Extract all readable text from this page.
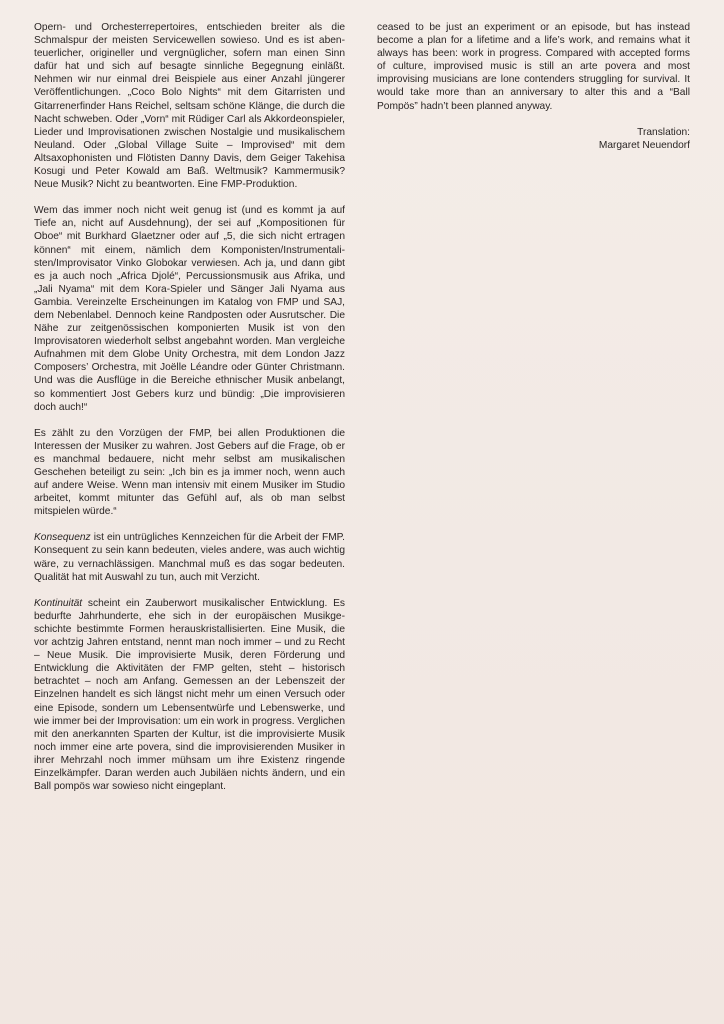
Opern- und Orchesterrepertoires, entschieden breiter als die Schmalspur der meisten Servicewellen sowieso. Und es ist abenteuerlicher, origineller und vergnüglicher, sofern man einen Sinn dafür hat und sich auf besagte sinnliche Begegnung einläßt. Nehmen wir nur einmal drei Beispiele aus einer Anzahl jüngerer Veröffentlichungen. „Coco Bolo Nights“ mit dem Gitarristen und Gitarrenerfinder Hans Reichel, seltsam schöne Klänge, die durch die Nacht schweben. Oder „Vorn“ mit Rüdiger Carl als Akkordeonspieler, Lieder und Improvisationen zwischen Nostalgie und musikalischem Neuland. Oder „Global Village Suite – Improvised“ mit dem Altsaxophonisten und Flötisten Danny Davis, dem Geiger Takehisa Kosugi und Peter Kowald am Baß. Weltmusik? Kammermusik? Neue Musik? Nicht zu beantworten. Eine FMP-Produktion.

Wem das immer noch nicht weit genug ist (und es kommt ja auf Tiefe an, nicht auf Ausdehnung), der sei auf „Kompositionen für Oboe“ mit Burkhard Glaetzner oder auf „5, die sich nicht ertragen können“ mit einem, nämlich dem Komponisten/Instrumentalisten/Improvisator Vinko Globokar verwiesen. Ach ja, und dann gibt es ja auch noch „Africa Djolé“, Percussionsmusik aus Afrika, und „Jali Nyama“ mit dem Kora-Spieler und Sänger Jali Nyama aus Gambia. Vereinzelte Erscheinungen im Katalog von FMP und SAJ, dem Nebenlabel. Dennoch keine Randposten oder Ausrutscher. Die Nähe zur zeitgenössischen komponierten Musik ist von den Improvisatoren wiederholt selbst angebahnt worden. Man vergleiche Aufnahmen mit dem Globe Unity Orchestra, mit dem London Jazz Composers’ Orchestra, mit Joëlle Léandre oder Günter Christmann. Und was die Ausflüge in die Bereiche ethnischer Musik anbelangt, so kommentiert Jost Gebers kurz und bündig: „Die improvisieren doch auch!“

Es zählt zu den Vorzügen der FMP, bei allen Produktionen die Interessen der Musiker zu wahren. Jost Gebers auf die Frage, ob er es manchmal bedauere, nicht mehr selbst am musikalischen Geschehen beteiligt zu sein: „Ich bin es ja immer noch, wenn auch auf andere Weise. Wenn man intensiv mit einem Musiker im Studio arbeitet, kommt mitunter das Gefühl auf, als ob man selbst mitspielen würde.“

Konsequenz ist ein untrügliches Kennzeichen für die Arbeit der FMP. Konsequent zu sein kann bedeuten, vieles andere, was auch wichtig wäre, zu vernachlässigen. Manchmal muß es das sogar bedeuten. Qualität hat mit Auswahl zu tun, auch mit Verzicht.

Kontinuität scheint ein Zauberwort musikalischer Entwicklung. Es bedurfte Jahrhunderte, ehe sich in der europäischen Musikgeschichte bestimmte Formen herauskristallisierten. Eine Musik, die vor achtzig Jahren entstand, nennt man noch immer – und zu Recht – Neue Musik. Die improvisierte Musik, deren Förderung und Entwicklung die Aktivitäten der FMP gelten, steht – historisch betrachtet – noch am Anfang. Gemessen an der Lebenszeit der Einzelnen handelt es sich längst nicht mehr um einen Versuch oder eine Episode, sondern um Lebensentwürfe und Lebenswerke, und wie immer bei der Improvisation: um ein work in progress. Verglichen mit den anerkannten Sparten der Kultur, ist die improvisierte Musik noch immer eine arte povera, sind die improvisierenden Musiker in ihrer Mehrzahl noch immer mühsam um ihre Existenz ringende Einzelkämpfer. Daran werden auch Jubiläen nichts ändern, und ein Ball pompös war sowieso nicht eingeplant.

ceased to be just an experiment or an episode, but has instead become a plan for a lifetime and a life’s work, and remains what it always has been: work in progress. Compared with accepted forms of culture, improvised music is still an arte povera and most improvising musicians are lone contenders struggling for survival. It would take more than an anniversary to alter this and a “Ball Pompös” hadn’t been planned anyway.

Translation:
Margaret Neuendorf
